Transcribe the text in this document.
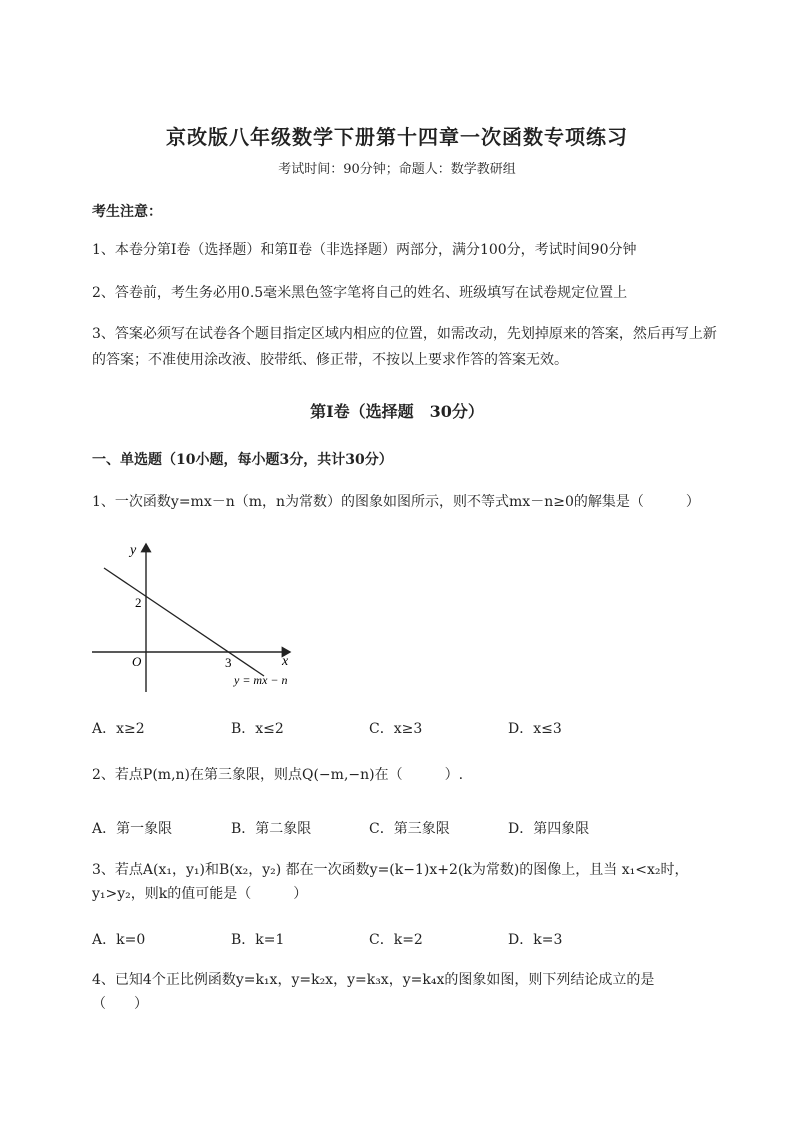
京改版八年级数学下册第十四章一次函数专项练习
考试时间：90分钟；命题人：数学教研组
考生注意：
1、本卷分第I卷（选择题）和第Ⅱ卷（非选择题）两部分，满分100分，考试时间90分钟
2、答卷前，考生务必用0.5毫米黑色签字笔将自己的姓名、班级填写在试卷规定位置上
3、答案必须写在试卷各个题目指定区域内相应的位置，如需改动，先划掉原来的答案，然后再写上新
的答案；不准使用涂改液、胶带纸、修正带，不按以上要求作答的答案无效。
第I卷（选择题　30分）
一、单选题（10小题，每小题3分，共计30分）
1、一次函数y=mx－n（m，n为常数）的图象如图所示，则不等式mx－n≥0的解集是（　　　）
y
x
O
2
3
y = mx − n
A．x≥2	B．x≤2	C．x≥3	D．x≤3
2、若点P(m,n)在第三象限，则点Q(−m,−n)在（　　　）.
A．第一象限	B．第二象限	C．第三象限	D．第四象限
3、若点A(x₁，y₁)和B(x₂，y₂) 都在一次函数y=(k−1)x+2(k为常数)的图像上，且当 x₁<x₂时，
y₁>y₂，则k的值可能是（　　　）
A．k=0	B．k=1	C．k=2	D．k=3
4、已知4个正比例函数y=k₁x，y=k₂x，y=k₃x，y=k₄x的图象如图，则下列结论成立的是
（　　）
